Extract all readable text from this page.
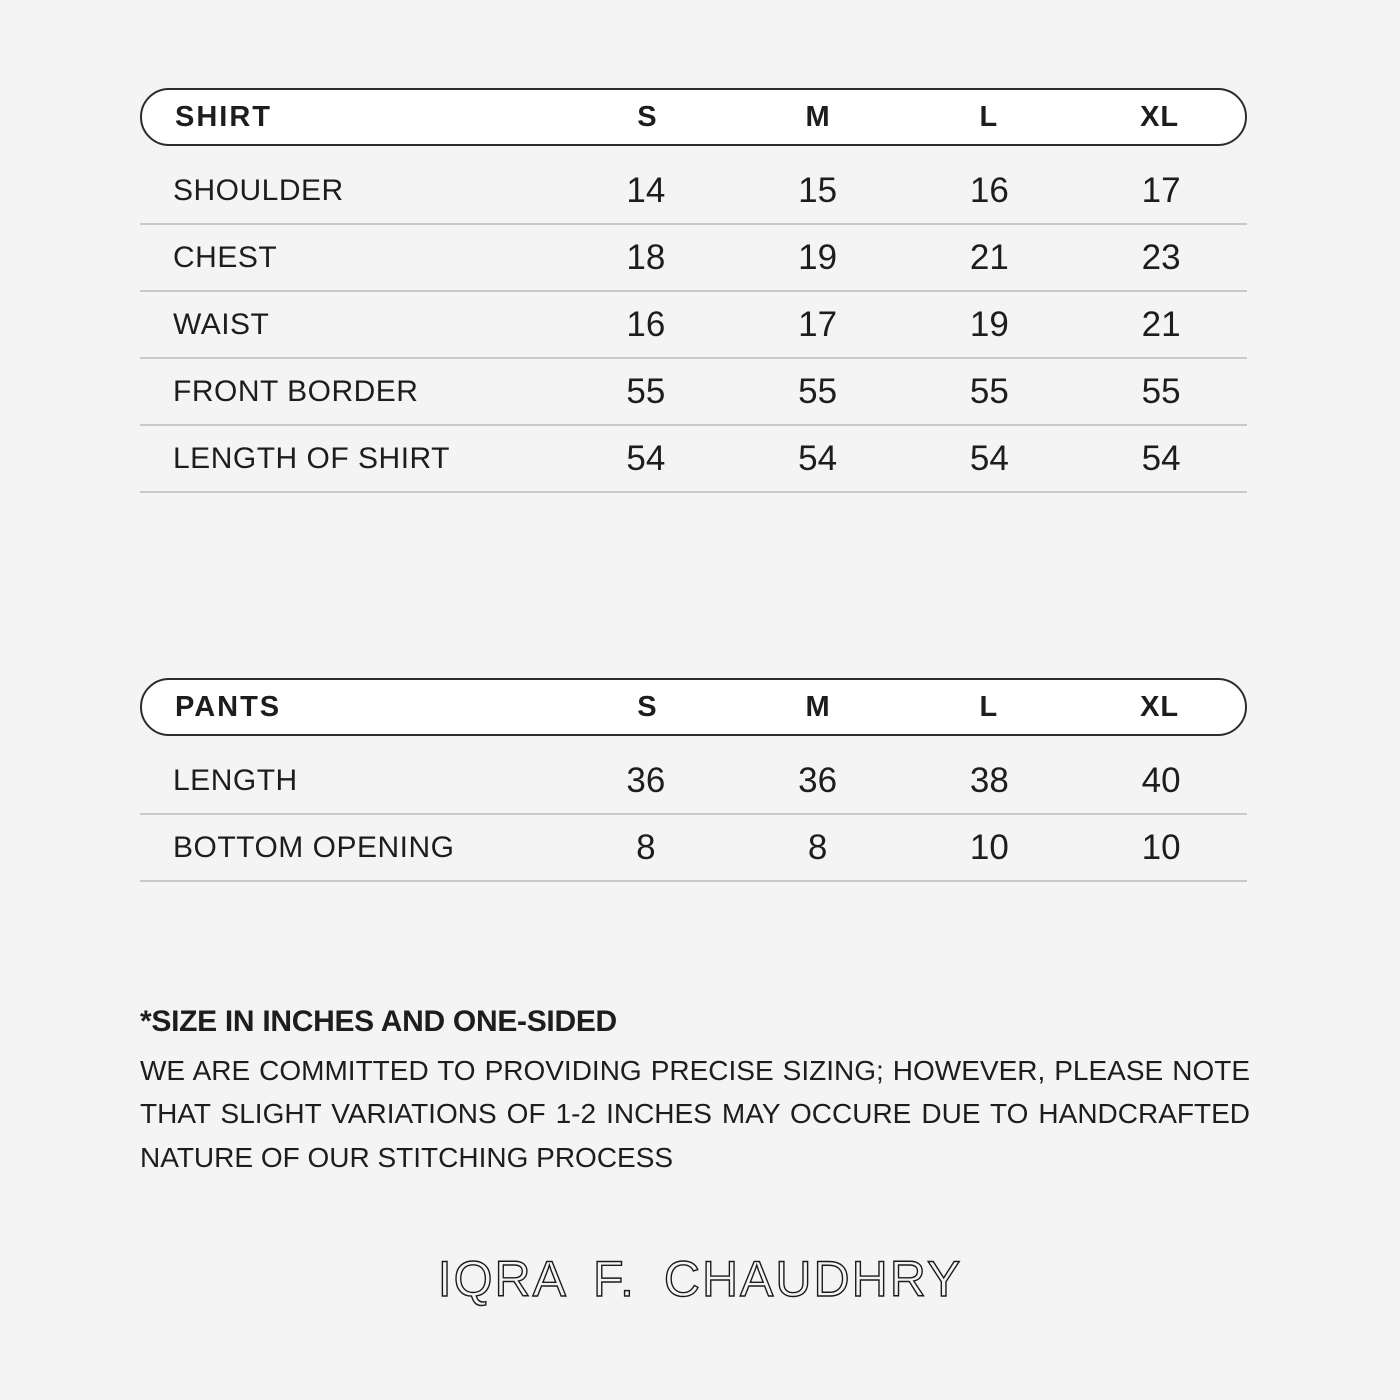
SHIRT	S	M	L	XL
SHOULDER	14	15	16	17
CHEST	18	19	21	23
WAIST	16	17	19	21
FRONT BORDER	55	55	55	55
LENGTH OF SHIRT	54	54	54	54
PANTS	S	M	L	XL
LENGTH	36	36	38	40
BOTTOM OPENING	8	8	10	10

*SIZE IN INCHES AND ONE-SIDED

WE ARE COMMITTED TO PROVIDING PRECISE SIZING; HOWEVER, PLEASE NOTE THAT SLIGHT VARIATIONS OF 1-2 INCHES MAY OCCURE DUE TO HANDCRAFTED NATURE OF OUR STITCHING PROCESS

IQRA F. CHAUDHRY
